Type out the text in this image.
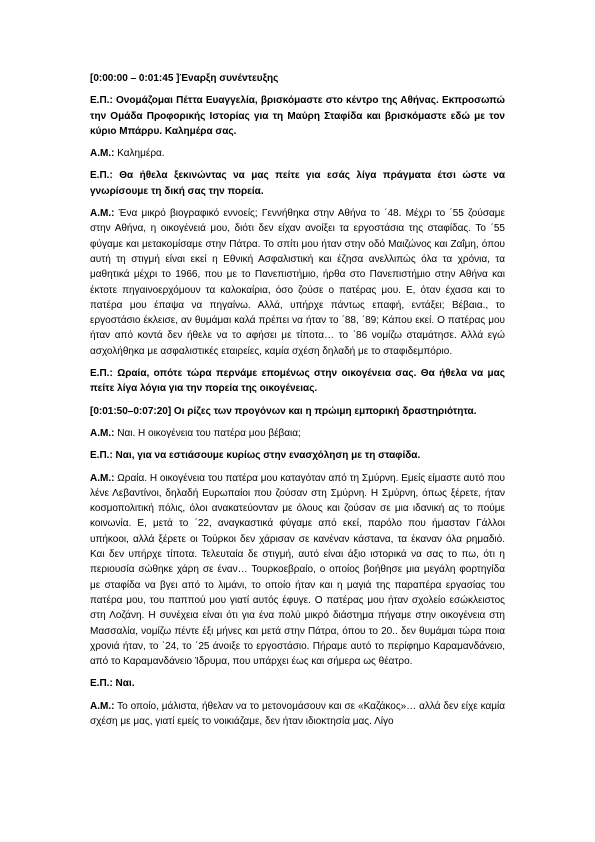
[0:00:00 – 0:01:45 ]Έναρξη συνέντευξης

Ε.Π.: Ονομάζομαι Πέττα Ευαγγελία, βρισκόμαστε στο κέντρο της Αθήνας. Εκπροσωπώ την Ομάδα Προφορικής Ιστορίας για τη Μαύρη Σταφίδα και βρισκόμαστε εδώ με τον κύριο Μπάρρυ. Καλημέρα σας.

Α.Μ.: Καλημέρα.

Ε.Π.: Θα ήθελα ξεκινώντας να μας πείτε για εσάς λίγα πράγματα έτσι ώστε να γνωρίσουμε τη δική σας την πορεία.

Α.Μ.: Ένα μικρό βιογραφικό εννοείς; Γεννήθηκα στην Αθήνα το ΄48. Μέχρι το ΄55 ζούσαμε στην Αθήνα, η οικογένειά μου, διότι δεν είχαν ανοίξει τα εργοστάσια της σταφίδας. Το ΄55 φύγαμε και μετακομίσαμε στην Πάτρα. Το σπίτι μου ήταν στην οδό Μαιζώνος και Ζαΐμη, όπου αυτή τη στιγμή είναι εκεί η Εθνική Ασφαλιστική και έζησα ανελλιπώς όλα τα χρόνια, τα μαθητικά μέχρι το 1966, που με το Πανεπιστήμιο, ήρθα στο Πανεπιστήμιο στην Αθήνα και έκτοτε πηγαινοερχόμουν τα καλοκαίρια, όσο ζούσε ο πατέρας μου. Ε, όταν έχασα και το πατέρα μου έπαψα να πηγαίνω. Αλλά, υπήρχε πάντως επαφή, εντάξει; Βέβαια., το εργοστάσιο έκλεισε, αν θυμάμαι καλά πρέπει να ήταν το ΄88, ΄89; Κάπου εκεί. Ο πατέρας μου ήταν από κοντά δεν ήθελε να το αφήσει με τίποτα… το ΄86 νομίζω σταμάτησε. Αλλά εγώ ασχολήθηκα με ασφαλιστικές εταιρείες, καμία σχέση δηλαδή με το σταφιδεμπόριο.

Ε.Π.: Ωραία, οπότε τώρα περνάμε επομένως στην οικογένεια σας. Θα ήθελα να μας πείτε λίγα λόγια για την πορεία της οικογένειας.

[0:01:50–0:07:20] Οι ρίζες των προγόνων και η πρώιμη εμπορική δραστηριότητα.

Α.Μ.: Ναι. Η οικογένεια του πατέρα μου βέβαια;

Ε.Π.: Ναι, για να εστιάσουμε κυρίως στην ενασχόληση με τη σταφίδα.

Α.Μ.: Ωραία. Η οικογένεια του πατέρα μου καταγόταν από τη Σμύρνη. Εμείς είμαστε αυτό που λένε Λεβαντίνοι, δηλαδή Ευρωπαίοι που ζούσαν στη Σμύρνη. Η Σμύρνη, όπως ξέρετε, ήταν κοσμοπολιτική πόλις, όλοι ανακατεύονταν με όλους και ζούσαν σε μια ιδανική ας το πούμε κοινωνία. Ε, μετά το ΄22, αναγκαστικά φύγαμε από εκεί, παρόλο που ήμασταν Γάλλοι υπήκοοι, αλλά ξέρετε οι Τούρκοι δεν χάρισαν σε κανέναν κάστανα, τα έκαναν όλα ρημαδιό. Και δεν υπήρχε τίποτα. Τελευταία δε στιγμή, αυτό είναι άξιο ιστορικά να σας το πω, ότι η περιουσία σώθηκε χάρη σε έναν… Τουρκοεβραίο, ο οποίος βοήθησε μια μεγάλη φορτηγίδα με σταφίδα να βγει από το λιμάνι, το οποίο ήταν και η μαγιά της παραπέρα εργασίας του πατέρα μου, του παππού μου γιατί αυτός έφυγε. Ο πατέρας μου ήταν σχολείο εσώκλειστος στη Λοζάνη. Η συνέχεια είναι ότι για ένα πολύ μικρό διάστημα πήγαμε στην οικογένεια στη Μασσαλία, νομίζω πέντε έξι μήνες και μετά στην Πάτρα, όπου το 20.. δεν θυμάμαι τώρα ποια χρονιά ήταν, το ΄24, το ΄25 άνοιξε το εργοστάσιο. Πήραμε αυτό το περίφημο Καραμανδάνειο, από το Καραμανδάνειο Ίδρυμα, που υπάρχει έως και σήμερα ως θέατρο.

Ε.Π.: Ναι.

Α.Μ.: Το οποίο, μάλιστα, ήθελαν να το μετονομάσουν και σε «Καζάκος»… αλλά δεν είχε καμία σχέση με μας, γιατί εμείς το νοικιάζαμε, δεν ήταν ιδιοκτησία μας. Λίγο
